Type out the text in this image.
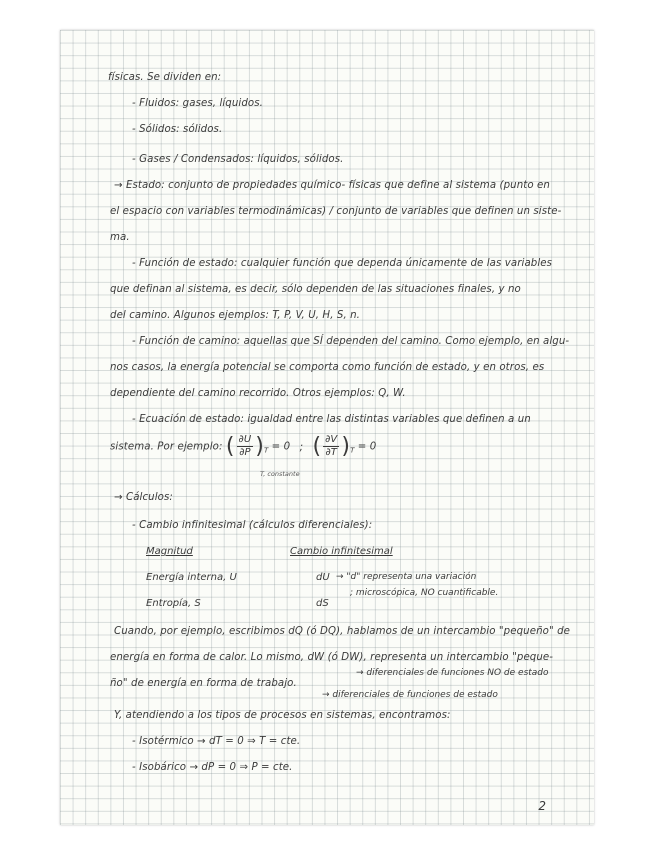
físicas. Se dividen en:
- Fluidos: gases, líquidos.
- Sólidos: sólidos.
- Gases / Condensados: líquidos, sólidos.
→ Estado: conjunto de propiedades químico- físicas que define al sistema (punto en
el espacio con variables termodinámicas) / conjunto de variables que definen un siste-
ma.
- Función de estado: cualquier función que dependa únicamente de las variables
que definan al sistema, es decir, sólo dependen de las situaciones finales, y no
del camino. Algunos ejemplos: T, P, V, U, H, S, n.
- Función de camino: aquellas que SÍ dependen del camino. Como ejemplo, en algu-
nos casos, la energía potencial se comporta como función de estado, y en otros, es
dependiente del camino recorrido. Otros ejemplos: Q, W.
- Ecuación de estado: igualdad entre las distintas variables que definen a un
sistema. Por ejemplo: ( $\frac{\partial U}{\partial P} )_T = 0$ ; ( $\frac{\partial V}{\partial T} )_T = 0$
T, constante
→ Cálculos:
- Cambio infinitesimal (cálculos diferenciales):
Magnitud	Cambio infinitesimal
Energía interna, U	dU → "d" representa una variación
Entropía, S	dS
; microscópica, NO cuantificable.
Cuando, por ejemplo, escribimos dQ (ó DQ), hablamos de un intercambio "pequeño" de
energía en forma de calor. Lo mismo, dW (ó DW), representa un intercambio "peque-
→ diferenciales de funciones NO de estado
ño" de energía en forma de trabajo.
→ diferenciales de funciones de estado
Y, atendiendo a los tipos de procesos en sistemas, encontramos:
- Isotérmico → dT = 0 ⇒ T = cte.
- Isobárico → dP = 0 ⇒ P = cte.
2
